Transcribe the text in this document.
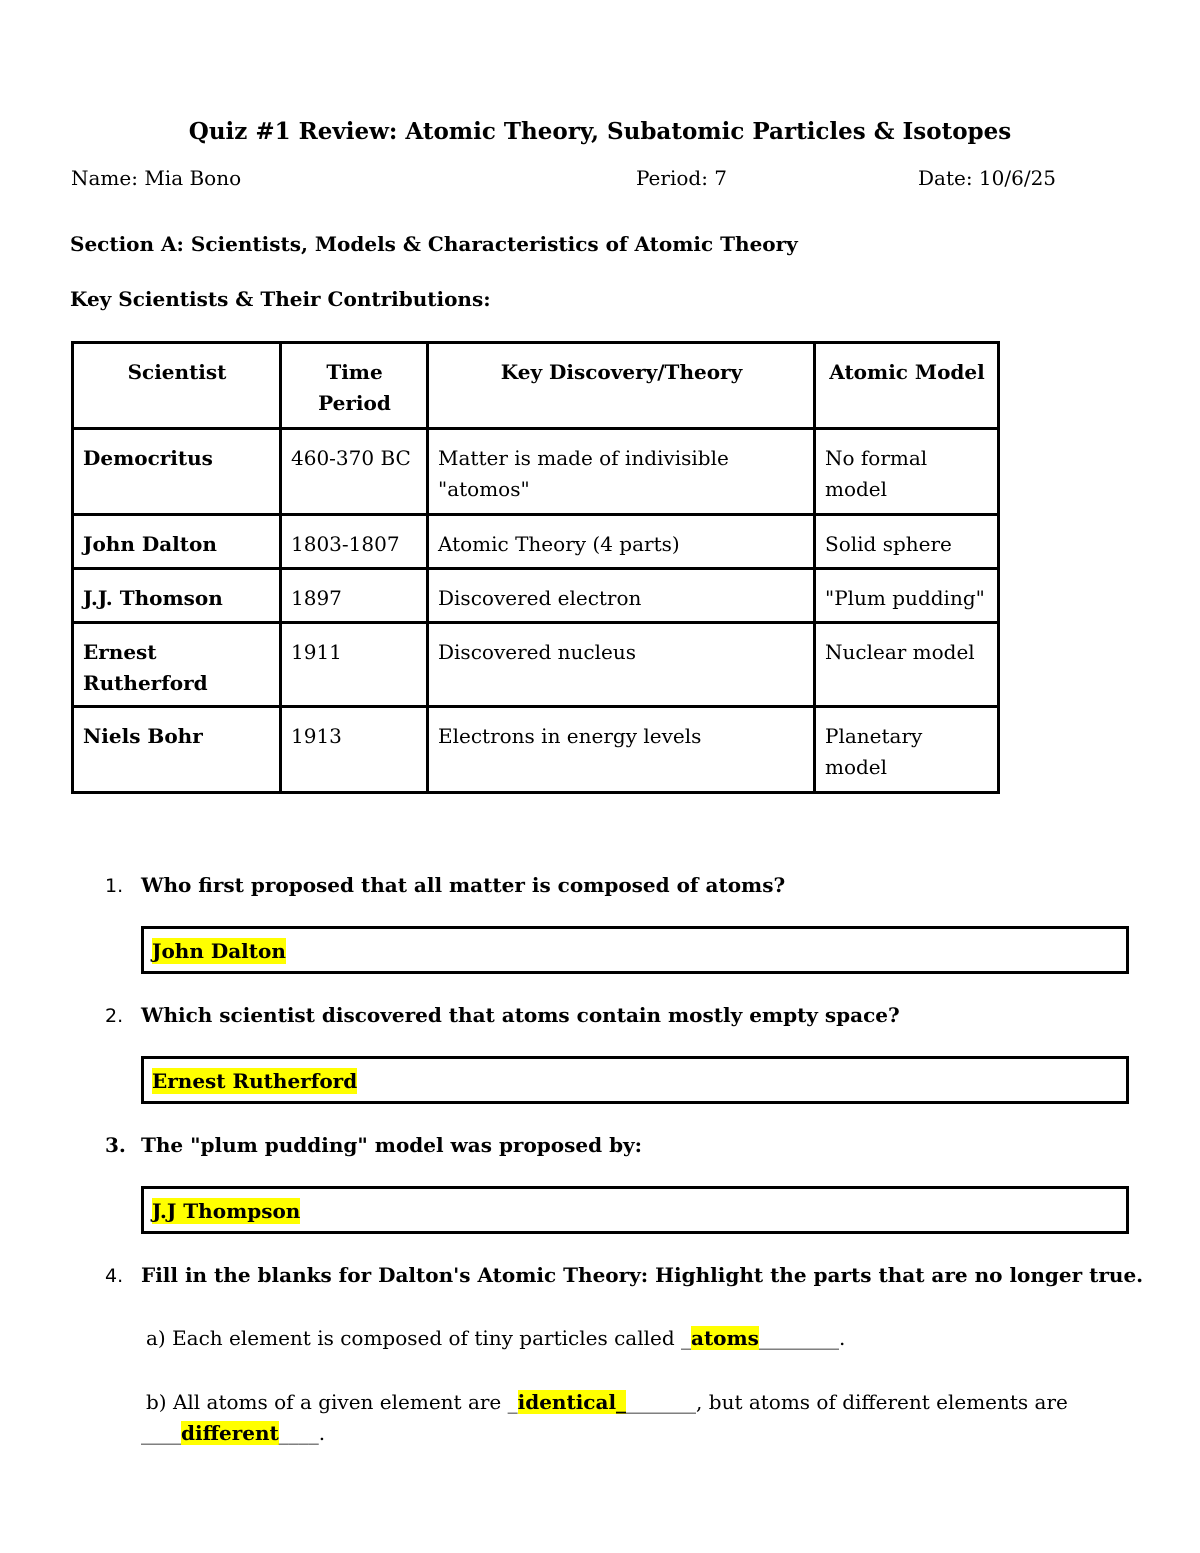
Quiz #1 Review: Atomic Theory, Subatomic Particles & Isotopes
Name: Mia Bono	Period: 7	Date: 10/6/25
Section A: Scientists, Models & Characteristics of Atomic Theory
Key Scientists & Their Contributions:
Scientist	Time Period	Key Discovery/Theory	Atomic Model
Democritus	460-370 BC	Matter is made of indivisible "atomos"	No formal model
John Dalton	1803-1807	Atomic Theory (4 parts)	Solid sphere
J.J. Thomson	1897	Discovered electron	"Plum pudding"
Ernest Rutherford	1911	Discovered nucleus	Nuclear model
Niels Bohr	1913	Electrons in energy levels	Planetary model
1. Who first proposed that all matter is composed of atoms?
John Dalton
2. Which scientist discovered that atoms contain mostly empty space?
Ernest Rutherford
3. The "plum pudding" model was proposed by:
J.J Thompson
4. Fill in the blanks for Dalton's Atomic Theory: Highlight the parts that are no longer true.
a) Each element is composed of tiny particles called _atoms________.
b) All atoms of a given element are _identical________, but atoms of different elements are
____different____.
